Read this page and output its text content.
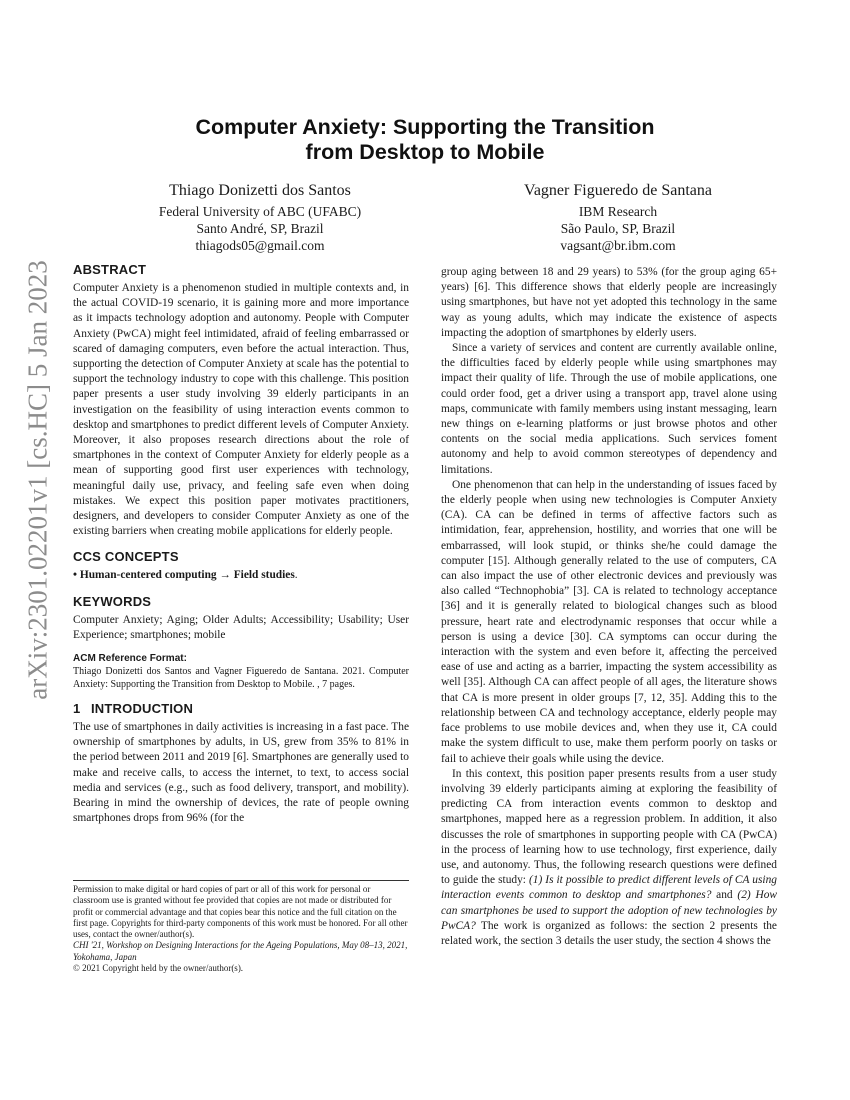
arXiv:2301.02201v1 [cs.HC] 5 Jan 2023
Computer Anxiety: Supporting the Transition
from Desktop to Mobile
Thiago Donizetti dos Santos
Federal University of ABC (UFABC)
Santo André, SP, Brazil
thiagods05@gmail.com
Vagner Figueredo de Santana
IBM Research
São Paulo, SP, Brazil
vagsant@br.ibm.com
ABSTRACT

Computer Anxiety is a phenomenon studied in multiple contexts and, in the actual COVID-19 scenario, it is gaining more and more importance as it impacts technology adoption and autonomy. People with Computer Anxiety (PwCA) might feel intimidated, afraid of feeling embarrassed or scared of damaging computers, even before the actual interaction. Thus, supporting the detection of Computer Anxiety at scale has the potential to support the technology industry to cope with this challenge. This position paper presents a user study involving 39 elderly participants in an investigation on the feasibility of using interaction events common to desktop and smartphones to predict different levels of Computer Anxiety. Moreover, it also proposes research directions about the role of smartphones in the context of Computer Anxiety for elderly people as a mean of supporting good first user experiences with technology, meaningful daily use, privacy, and feeling safe even when doing mistakes. We expect this position paper motivates practitioners, designers, and developers to consider Computer Anxiety as one of the existing barriers when creating mobile applications for elderly people.

CCS CONCEPTS

• Human-centered computing → Field studies.

KEYWORDS

Computer Anxiety; Aging; Older Adults; Accessibility; Usability; User Experience; smartphones; mobile

ACM Reference Format:

Thiago Donizetti dos Santos and Vagner Figueredo de Santana. 2021. Computer Anxiety: Supporting the Transition from Desktop to Mobile. , 7 pages.

1 INTRODUCTION

The use of smartphones in daily activities is increasing in a fast pace. The ownership of smartphones by adults, in US, grew from 35% to 81% in the period between 2011 and 2019 [6]. Smartphones are generally used to make and receive calls, to access the internet, to text, to access social media and services (e.g., such as food delivery, transport, and mobility). Bearing in mind the ownership of devices, the rate of people owning smartphones drops from 96% (for the

Permission to make digital or hard copies of part or all of this work for personal or classroom use is granted without fee provided that copies are not made or distributed for profit or commercial advantage and that copies bear this notice and the full citation on the first page. Copyrights for third-party components of this work must be honored. For all other uses, contact the owner/author(s).
CHI '21, Workshop on Designing Interactions for the Ageing Populations, May 08–13, 2021, Yokohama, Japan
© 2021 Copyright held by the owner/author(s).

group aging between 18 and 29 years) to 53% (for the group aging 65+ years) [6]. This difference shows that elderly people are increasingly using smartphones, but have not yet adopted this technology in the same way as young adults, which may indicate the existence of aspects impacting the adoption of smartphones by elderly users.

Since a variety of services and content are currently available online, the difficulties faced by elderly people while using smartphones may impact their quality of life. Through the use of mobile applications, one could order food, get a driver using a transport app, travel alone using maps, communicate with family members using instant messaging, learn new things on e-learning platforms or just browse photos and other contents on the social media applications. Such services foment autonomy and help to avoid common stereotypes of dependency and limitations.

One phenomenon that can help in the understanding of issues faced by the elderly people when using new technologies is Computer Anxiety (CA). CA can be defined in terms of affective factors such as intimidation, fear, apprehension, hostility, and worries that one will be embarrassed, will look stupid, or thinks she/he could damage the computer [15]. Although generally related to the use of computers, CA can also impact the use of other electronic devices and previously was also called “Technophobia” [3]. CA is related to technology acceptance [36] and it is generally related to biological changes such as blood pressure, heart rate and electrodynamic responses that occur while a person is using a device [30]. CA symptoms can occur during the interaction with the system and even before it, affecting the perceived ease of use and acting as a barrier, impacting the system accessibility as well [35]. Although CA can affect people of all ages, the literature shows that CA is more present in older groups [7, 12, 35]. Adding this to the relationship between CA and technology acceptance, elderly people may face problems to use mobile devices and, when they use it, CA could make the system difficult to use, make them perform poorly on tasks or fail to achieve their goals while using the device.

In this context, this position paper presents results from a user study involving 39 elderly participants aiming at exploring the feasibility of predicting CA from interaction events common to desktop and smartphones, mapped here as a regression problem. In addition, it also discusses the role of smartphones in supporting people with CA (PwCA) in the process of learning how to use technology, first experience, daily use, and autonomy. Thus, the following research questions were defined to guide the study: (1) Is it possible to predict different levels of CA using interaction events common to desktop and smartphones? and (2) How can smartphones be used to support the adoption of new technologies by PwCA? The work is organized as follows: the section 2 presents the related work, the section 3 details the user study, the section 4 shows the
